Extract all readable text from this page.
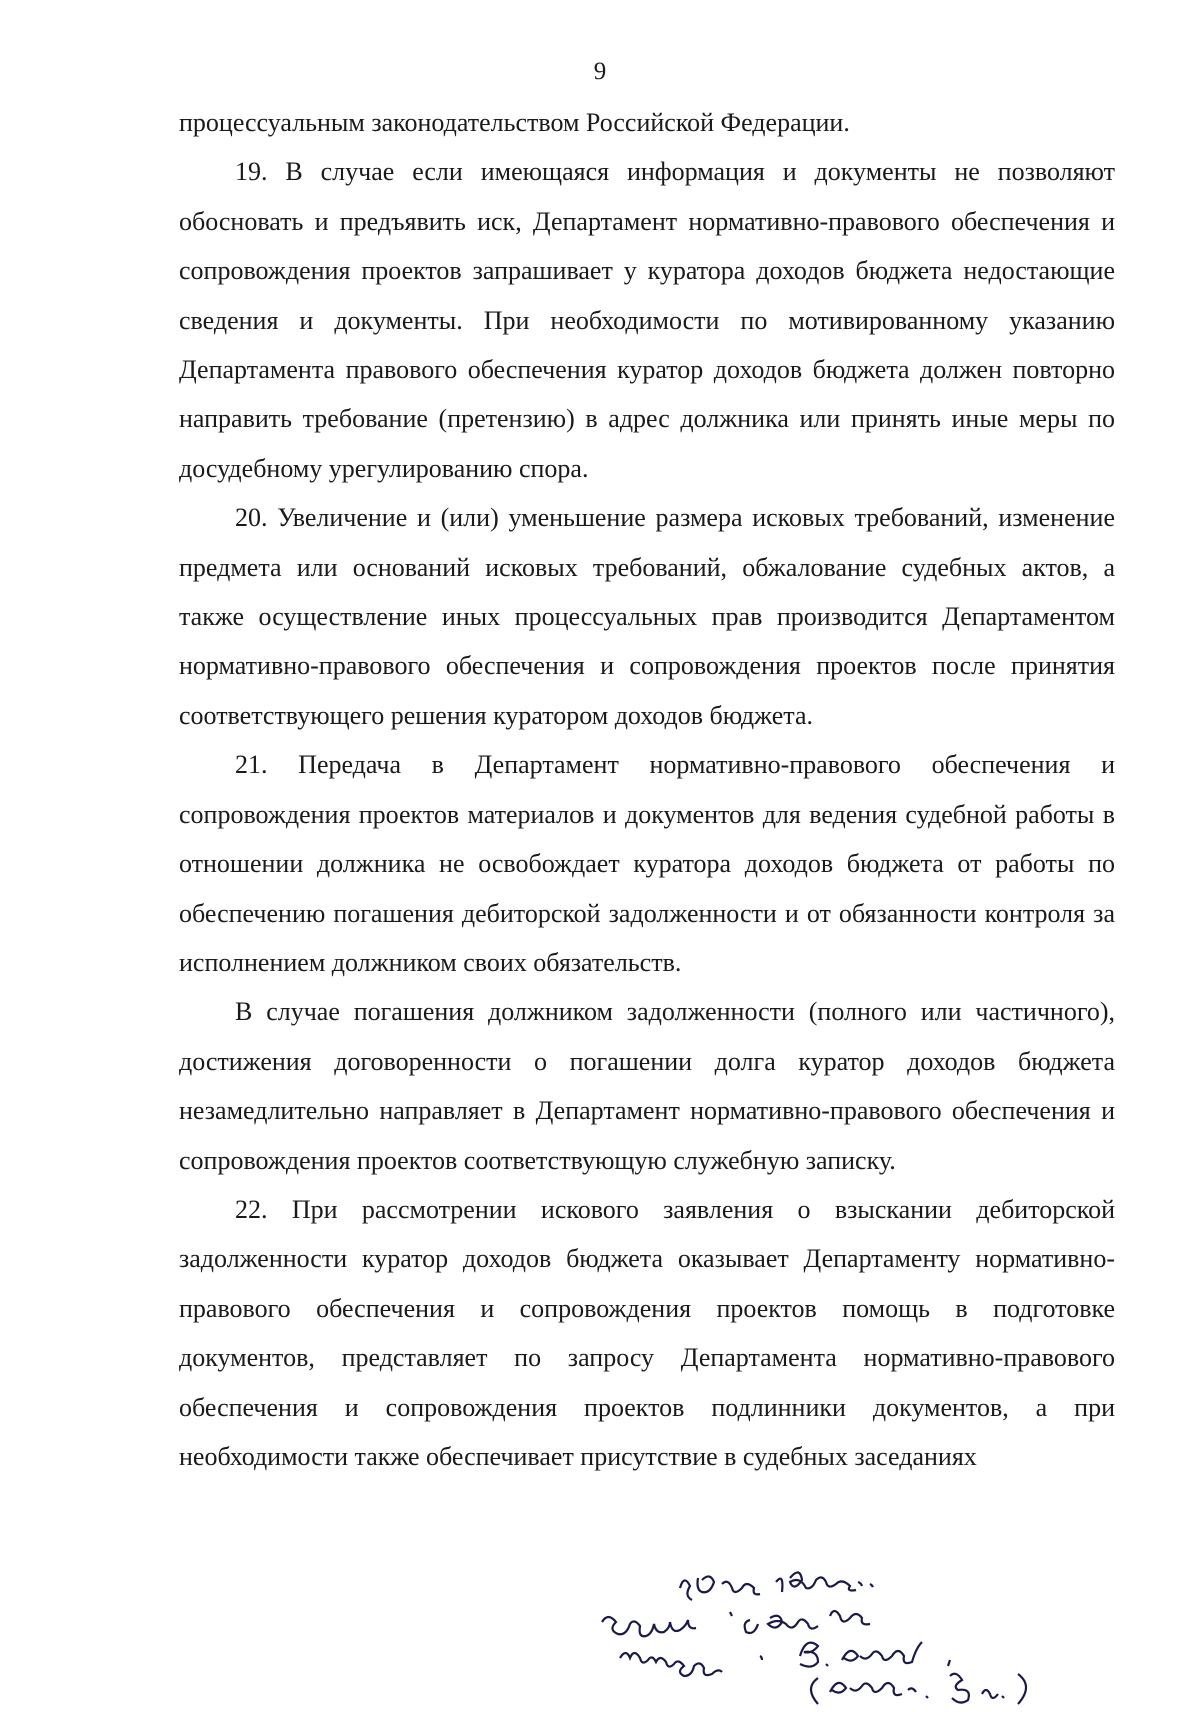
9

процессуальным законодательством Российской Федерации.

19. В случае если имеющаяся информация и документы не позволяют обосновать и предъявить иск, Департамент нормативно-правового обеспечения и сопровождения проектов запрашивает у куратора доходов бюджета недостающие сведения и документы. При необходимости по мотивированному указанию Департамента правового обеспечения куратор доходов бюджета должен повторно направить требование (претензию) в адрес должника или принять иные меры по досудебному урегулированию спора.

20. Увеличение и (или) уменьшение размера исковых требований, изменение предмета или оснований исковых требований, обжалование судебных актов, а также осуществление иных процессуальных прав производится Департаментом нормативно-правового обеспечения и сопровождения проектов после принятия соответствующего решения куратором доходов бюджета.

21. Передача в Департамент нормативно-правового обеспечения и сопровождения проектов материалов и документов для ведения судебной работы в отношении должника не освобождает куратора доходов бюджета от работы по обеспечению погашения дебиторской задолженности и от обязанности контроля за исполнением должником своих обязательств.

В случае погашения должником задолженности (полного или частичного), достижения договоренности о погашении долга куратор доходов бюджета незамедлительно направляет в Департамент нормативно-правового обеспечения и сопровождения проектов соответствующую служебную записку.

22. При рассмотрении искового заявления о взыскании дебиторской задолженности куратор доходов бюджета оказывает Департаменту нормативно-правового обеспечения и сопровождения проектов помощь в подготовке документов, представляет по запросу Департамента нормативно-правового обеспечения и сопровождения проектов подлинники документов, а при необходимости также обеспечивает присутствие в судебных заседаниях
